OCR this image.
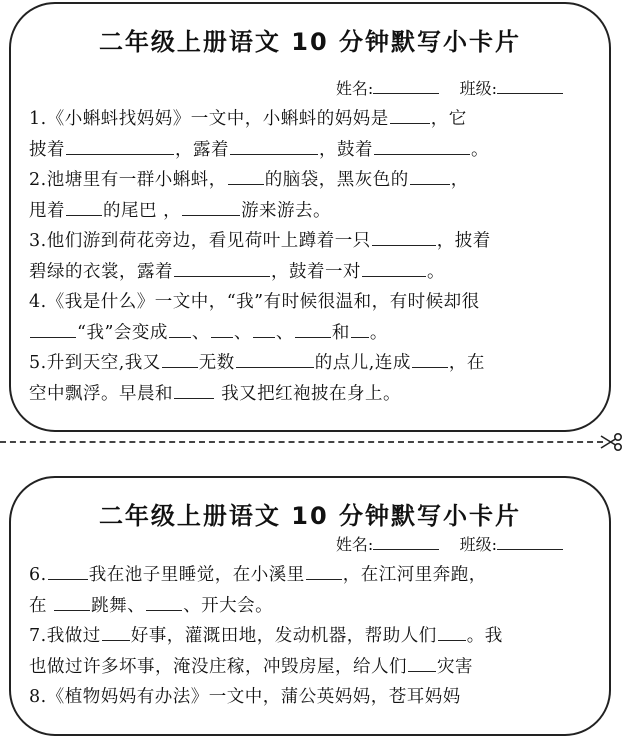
二年级上册语文 10 分钟默写小卡片
姓名:	班级:

1.《小蝌蚪找妈妈》一文中，小蝌蚪的妈妈是 ，它
披着	，露着	，鼓着	。

2.池塘里有一群小蝌蚪， 的脑袋，黑灰色的 ，
甩着 的尾巴 ，	游来游去。

3.他们游到荷花旁边，看见荷叶上蹲着一只	，披着
碧绿的衣裳，露着	，鼓着一对	。

4.《我是什么》一文中，“我”有时候很温和，有时候却很
“我”会变成 、 、 、 和 。

5.升到天空,我又 无数	的点儿,连成 ，在
空中飘浮。早晨和 我又把红袍披在身上。

二年级上册语文 10 分钟默写小卡片
姓名:	班级:

6. 我在池子里睡觉，在小溪里 ，在江河里奔跑，
在 跳舞、 、开大会。

7.我做过 好事，灌溉田地，发动机器，帮助人们 。我
也做过许多坏事，淹没庄稼，冲毁房屋，给人们 灾害

8.《植物妈妈有办法》一文中，蒲公英妈妈，苍耳妈妈
